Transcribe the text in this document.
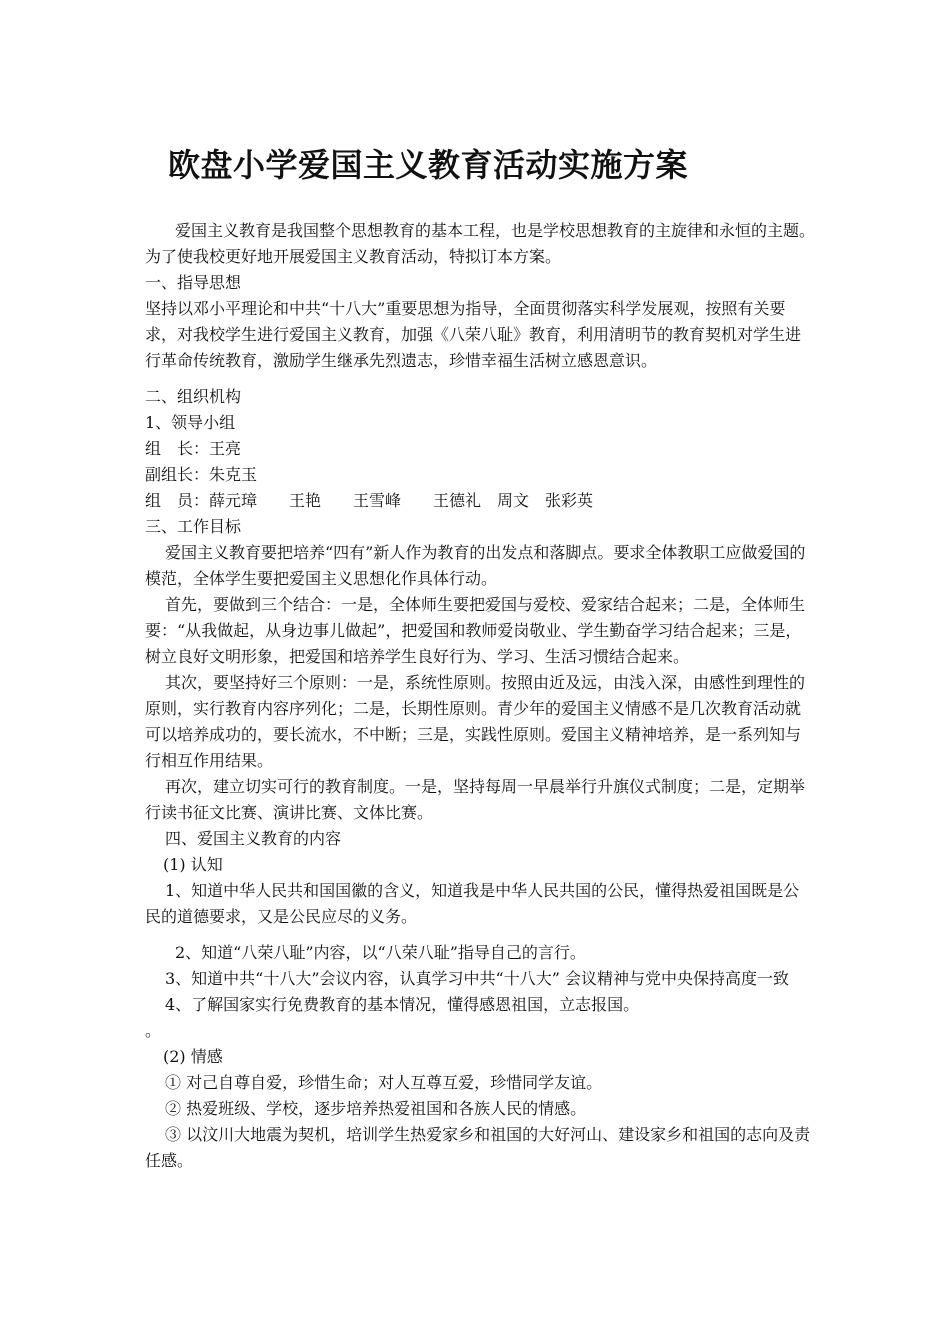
欧盘小学爱国主义教育活动实施方案

爱国主义教育是我国整个思想教育的基本工程，也是学校思想教育的主旋律和永恒的主题。为了使我校更好地开展爱国主义教育活动，特拟订本方案。

一、指导思想

坚持以邓小平理论和中共“十八大”重要思想为指导，全面贯彻落实科学发展观，按照有关要求，对我校学生进行爱国主义教育，加强《八荣八耻》教育，利用清明节的教育契机对学生进行革命传统教育，激励学生继承先烈遗志，珍惜幸福生活树立感恩意识。

二、组织机构

1、领导小组

组　长：王亮

副组长：朱克玉

组　员：薛元璋　　王艳　　王雪峰　　王德礼　周文　张彩英

三、工作目标

爱国主义教育要把培养“四有”新人作为教育的出发点和落脚点。要求全体教职工应做爱国的模范，全体学生要把爱国主义思想化作具体行动。

首先，要做到三个结合：一是，全体师生要把爱国与爱校、爱家结合起来；二是，全体师生要：“从我做起，从身边事儿做起”，把爱国和教师爱岗敬业、学生勤奋学习结合起来；三是，树立良好文明形象，把爱国和培养学生良好行为、学习、生活习惯结合起来。

其次，要坚持好三个原则：一是，系统性原则。按照由近及远，由浅入深，由感性到理性的原则，实行教育内容序列化；二是，长期性原则。青少年的爱国主义情感不是几次教育活动就可以培养成功的，要长流水，不中断；三是，实践性原则。爱国主义精神培养，是一系列知与行相互作用结果。

再次，建立切实可行的教育制度。一是，坚持每周一早晨举行升旗仪式制度；二是，定期举行读书征文比赛、演讲比赛、文体比赛。

四、爱国主义教育的内容

(1) 认知

1、知道中华人民共和国国徽的含义，知道我是中华人民共国的公民，懂得热爱祖国既是公民的道德要求，又是公民应尽的义务。

2、知道“八荣八耻”内容，以“八荣八耻”指导自己的言行。

3、知道中共“十八大”会议内容，认真学习中共“十八大” 会议精神与党中央保持高度一致

4、了解国家实行免费教育的基本情况，懂得感恩祖国，立志报国。

。

(2) 情感

① 对己自尊自爱，珍惜生命；对人互尊互爱，珍惜同学友谊。

② 热爱班级、学校，逐步培养热爱祖国和各族人民的情感。

③ 以汶川大地震为契机，培训学生热爱家乡和祖国的大好河山、建设家乡和祖国的志向及责任感。
